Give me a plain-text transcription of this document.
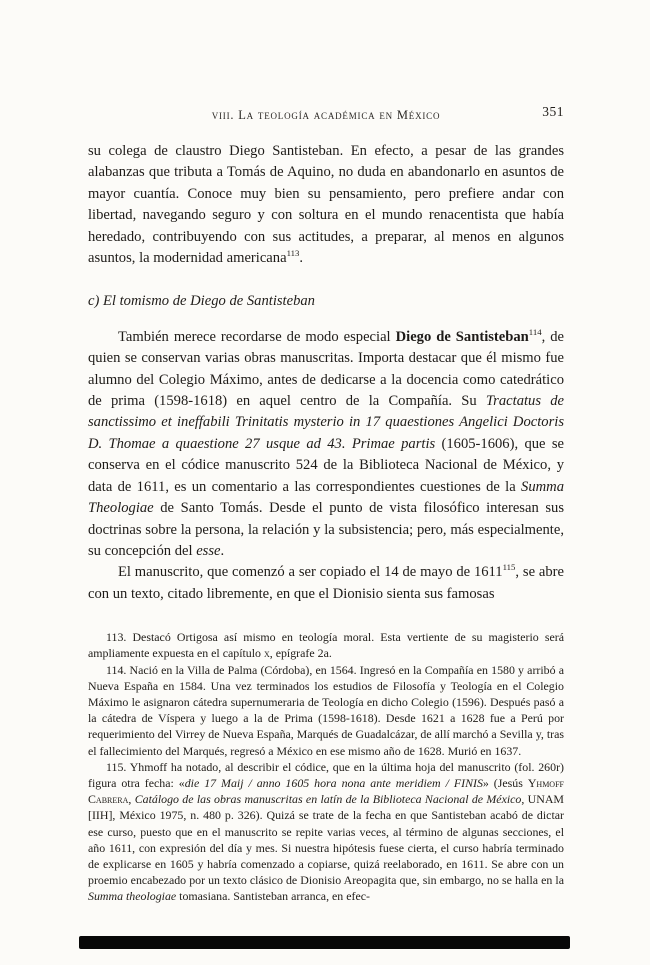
viii. La teología académica en México	351

su colega de claustro Diego Santisteban. En efecto, a pesar de las grandes alabanzas que tributa a Tomás de Aquino, no duda en abandonarlo en asuntos de mayor cuantía. Conoce muy bien su pensamiento, pero prefiere andar con libertad, navegando seguro y con soltura en el mundo renacentista que había heredado, contribuyendo con sus actitudes, a preparar, al menos en algunos asuntos, la modernidad americana$^{113}$.

c) El tomismo de Diego de Santisteban

También merece recordarse de modo especial Diego de Santisteban$^{114}$, de quien se conservan varias obras manuscritas. Importa destacar que él mismo fue alumno del Colegio Máximo, antes de dedicarse a la docencia como catedrático de prima (1598-1618) en aquel centro de la Compañía. Su Tractatus de sanctissimo et ineffabili Trinitatis mysterio in 17 quaestiones Angelici Doctoris D. Thomae a quaestione 27 usque ad 43. Primae partis (1605-1606), que se conserva en el códice manuscrito 524 de la Biblioteca Nacional de México, y data de 1611, es un comentario a las correspondientes cuestiones de la Summa Theologiae de Santo Tomás. Desde el punto de vista filosófico interesan sus doctrinas sobre la persona, la relación y la subsistencia; pero, más especialmente, su concepción del esse.

El manuscrito, que comenzó a ser copiado el 14 de mayo de 1611$^{115}$, se abre con un texto, citado libremente, en que el Dionisio sienta sus famosas

113. Destacó Ortigosa así mismo en teología moral. Esta vertiente de su magisterio será ampliamente expuesta en el capítulo x, epígrafe 2a.

114. Nació en la Villa de Palma (Córdoba), en 1564. Ingresó en la Compañía en 1580 y arribó a Nueva España en 1584. Una vez terminados los estudios de Filosofía y Teología en el Colegio Máximo le asignaron cátedra supernumeraria de Teología en dicho Colegio (1596). Después pasó a la cátedra de Víspera y luego a la de Prima (1598-1618). Desde 1621 a 1628 fue a Perú por requerimiento del Virrey de Nueva España, Marqués de Guadalcázar, de allí marchó a Sevilla y, tras el fallecimiento del Marqués, regresó a México en ese mismo año de 1628. Murió en 1637.

115. Yhmoff ha notado, al describir el códice, que en la última hoja del manuscrito (fol. 260r) figura otra fecha: «die 17 Maij / anno 1605 hora nona ante meridiem / FINIS» (Jesús Yhmoff Cabrera, Catálogo de las obras manuscritas en latín de la Biblioteca Nacional de México, UNAM [IIH], México 1975, n. 480 p. 326). Quizá se trate de la fecha en que Santisteban acabó de dictar ese curso, puesto que en el manuscrito se repite varias veces, al término de algunas secciones, el año 1611, con expresión del día y mes. Si nuestra hipótesis fuese cierta, el curso habría terminado de explicarse en 1605 y habría comenzado a copiarse, quizá reelaborado, en 1611. Se abre con un proemio encabezado por un texto clásico de Dionisio Areopagita que, sin embargo, no se halla en la Summa theologiae tomasiana. Santisteban arranca, en efec-
